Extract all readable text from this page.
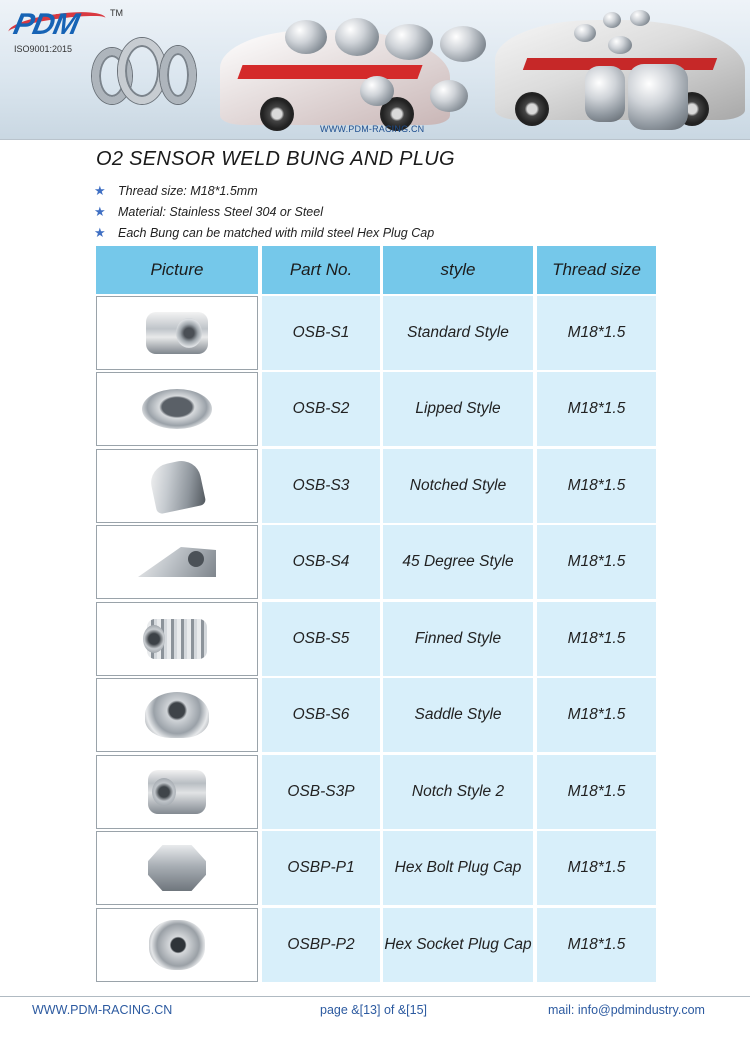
PDM	TM
ISO9001:2015
WWW.PDM-RACING.CN
O2 SENSOR WELD BUNG AND PLUG
★ Thread size: M18*1.5mm
★ Material: Stainless Steel 304 or Steel
★ Each Bung can be matched with mild steel Hex Plug Cap
Picture	Part No.	style	Thread size
OSB-S1	Standard Style	M18*1.5
OSB-S2	Lipped Style	M18*1.5
OSB-S3	Notched Style	M18*1.5
OSB-S4	45 Degree Style	M18*1.5
OSB-S5	Finned Style	M18*1.5
OSB-S6	Saddle Style	M18*1.5
OSB-S3P	Notch Style 2	M18*1.5
OSBP-P1	Hex Bolt Plug Cap	M18*1.5
OSBP-P2	Hex Socket Plug Cap	M18*1.5
WWW.PDM-RACING.CN	page &[13] of &[15]	mail: info@pdmindustry.com
